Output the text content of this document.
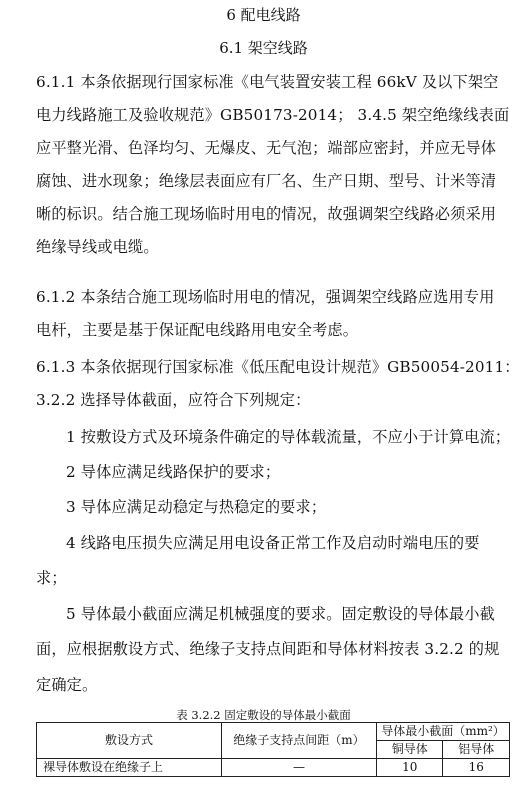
6 配电线路
6.1 架空线路
6.1.1 本条依据现行国家标准《电气装置安装工程 66kV 及以下架空
电力线路施工及验收规范》GB50173-2014； 3.4.5 架空绝缘线表面
应平整光滑、色泽均匀、无爆皮、无气泡；端部应密封，并应无导体
腐蚀、进水现象；绝缘层表面应有厂名、生产日期、型号、计米等清
晰的标识。结合施工现场临时用电的情况，故强调架空线路必须采用
绝缘导线或电缆。
6.1.2 本条结合施工现场临时用电的情况，强调架空线路应选用专用
电杆，主要是基于保证配电线路用电安全考虑。
6.1.3 本条依据现行国家标准《低压配电设计规范》GB50054-2011：
3.2.2 选择导体截面，应符合下列规定：
1 按敷设方式及环境条件确定的导体载流量，不应小于计算电流；
2 导体应满足线路保护的要求；
3 导体应满足动稳定与热稳定的要求；
4 线路电压损失应满足用电设备正常工作及启动时端电压的要
求；
5 导体最小截面应满足机械强度的要求。固定敷设的导体最小截
面，应根据敷设方式、绝缘子支持点间距和导体材料按表 3.2.2 的规
定确定。
表 3.2.2 固定敷设的导体最小截面
敷设方式	绝缘子支持点间距（m）	导体最小截面（mm²）	
		铜导体	铝导体
裸导体敷设在绝缘子上	—	10	16
